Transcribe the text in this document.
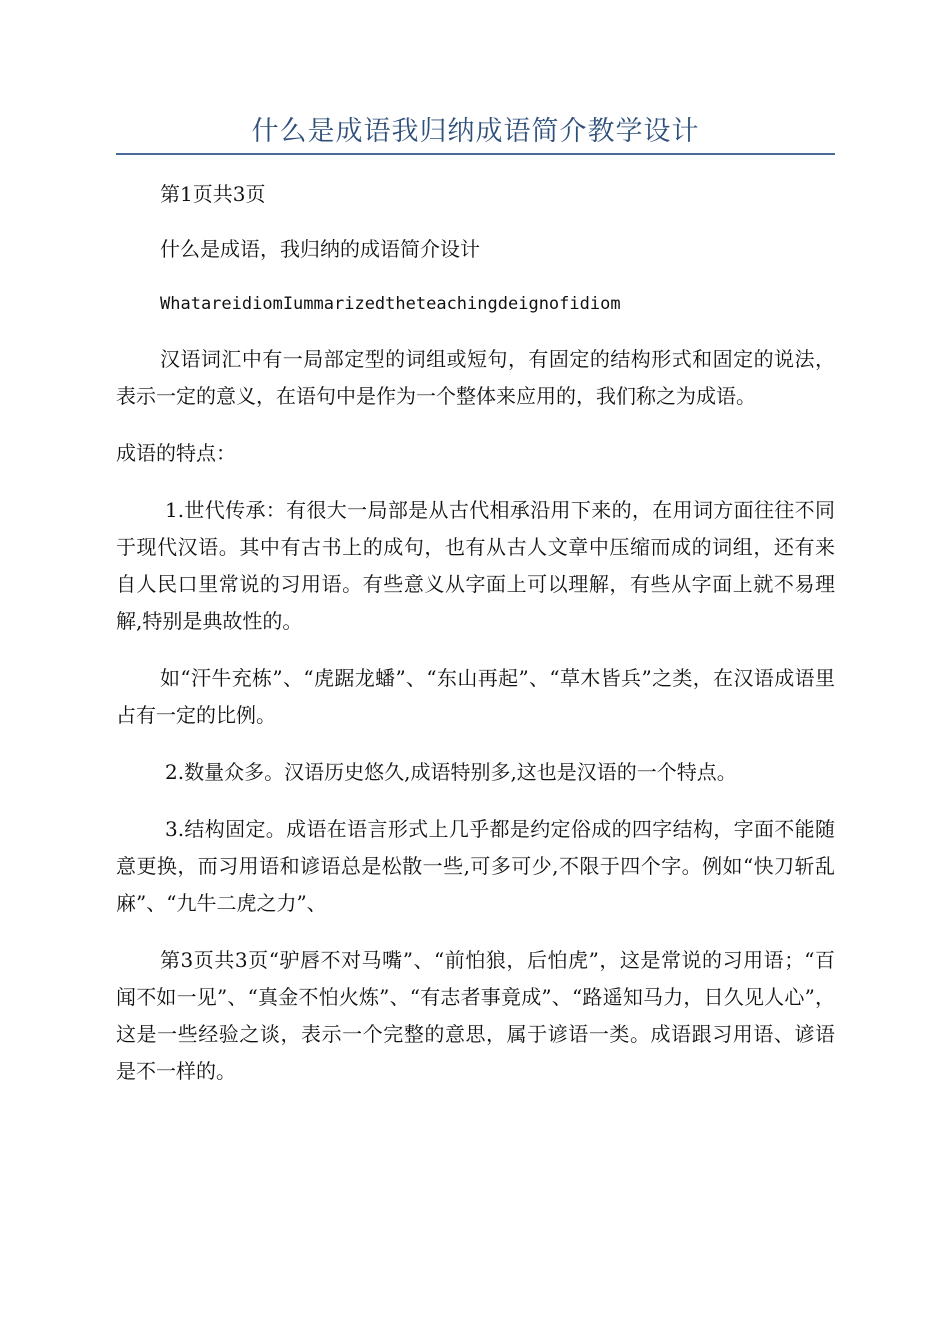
什么是成语我归纳成语简介教学设计

第1页共3页

什么是成语，我归纳的成语简介设计

WhatareidiomIummarizedtheteachingdeignofidiom

汉语词汇中有一局部定型的词组或短句，有固定的结构形式和固定的说法，表示一定的意义，在语句中是作为一个整体来应用的，我们称之为成语。

成语的特点：

1.世代传承：有很大一局部是从古代相承沿用下来的，在用词方面往往不同于现代汉语。其中有古书上的成句，也有从古人文章中压缩而成的词组，还有来自人民口里常说的习用语。有些意义从字面上可以理解，有些从字面上就不易理解,特别是典故性的。

如“汗牛充栋”、“虎踞龙蟠”、“东山再起”、“草木皆兵”之类，在汉语成语里占有一定的比例。

2.数量众多。汉语历史悠久,成语特别多,这也是汉语的一个特点。

3.结构固定。成语在语言形式上几乎都是约定俗成的四字结构，字面不能随意更换，而习用语和谚语总是松散一些,可多可少,不限于四个字。例如“快刀斩乱麻”、“九牛二虎之力”、

第3页共3页“驴唇不对马嘴”、“前怕狼，后怕虎”，这是常说的习用语；“百闻不如一见”、“真金不怕火炼”、“有志者事竟成”、“路遥知马力，日久见人心”，这是一些经验之谈，表示一个完整的意思，属于谚语一类。成语跟习用语、谚语是不一样的。
